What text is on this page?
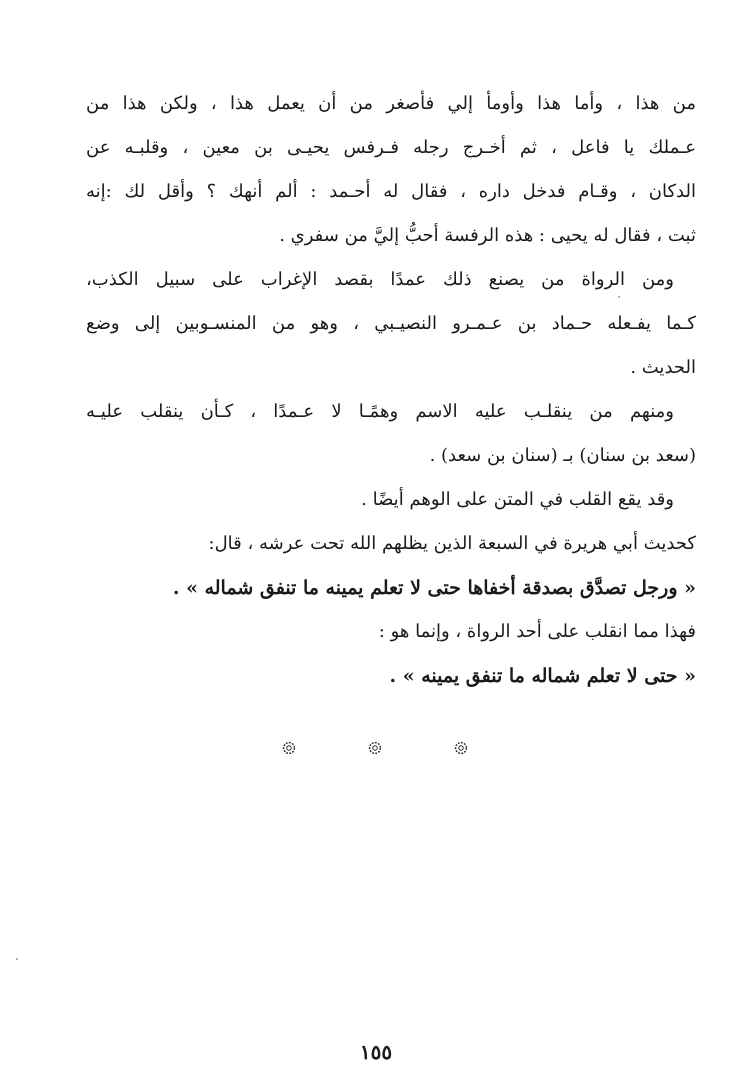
من هذا ، وأما هذا وأومأ إلي فأصغر من أن يعمل هذا ، ولكن هذا من
عـملك يا فاعل ، ثم أخـرج رجله فـرفس يحيـى بن معين ، وقلبـه عن
الدكان ، وقـام فدخل داره ، فقال له أحـمد : ألم أنهك ؟ وأقل لك :إنه
ثبت ، فقال له يحيى : هذه الرفسة أحبُّ إليَّ من سفري .
ومن الرواة من يصنع ذلك عمدًا بقصد الإغراب على سبيل الكذب،
كـما يفـعله حـماد بن عـمـرو النصيـبي ، وهو من المنسـوبين إلى وضع
الحديث .
ومنهم من ينقلـب عليه الاسم وهمًـا لا عـمدًا ، كـأن ينقلب عليـه
(سعد بن سنان) بـ (سنان بن سعد) .
وقد يقع القلب في المتن على الوهم أيضًا .
كحديث أبي هريرة في السبعة الذين يظلهم الله تحت عرشه ، قال:
« ورجل تصدَّق بصدقة أخفاها حتى لا تعلم يمينه ما تنفق شماله » .
فهذا مما انقلب على أحد الرواة ، وإنما هو :
« حتى لا تعلم شماله ما تنفق يمينه » .
١٥٥
